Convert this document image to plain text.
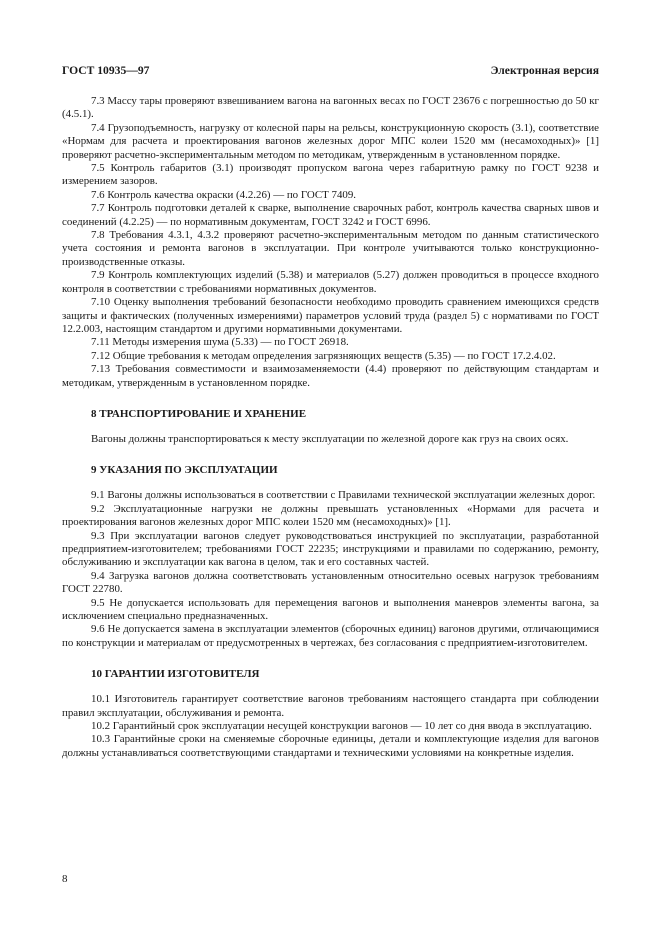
ГОСТ 10935—97	Электронная версия

7.3 Массу тары проверяют взвешиванием вагона на вагонных весах по ГОСТ 23676 с погрешностью до 50 кг (4.5.1).

7.4 Грузоподъемность, нагрузку от колесной пары на рельсы, конструкционную скорость (3.1), соответствие «Нормам для расчета и проектирования вагонов железных дорог МПС колеи 1520 мм (несамоходных)» [1] проверяют расчетно-экспериментальным методом по методикам, утвержденным в установленном порядке.

7.5 Контроль габаритов (3.1) производят пропуском вагона через габаритную рамку по ГОСТ 9238 и измерением зазоров.

7.6 Контроль качества окраски (4.2.26) — по ГОСТ 7409.

7.7 Контроль подготовки деталей к сварке, выполнение сварочных работ, контроль качества сварных швов и соединений (4.2.25) — по нормативным документам, ГОСТ 3242 и ГОСТ 6996.

7.8 Требования 4.3.1, 4.3.2 проверяют расчетно-экспериментальным методом по данным статистического учета состояния и ремонта вагонов в эксплуатации. При контроле учитываются только конструкционно-производственные отказы.

7.9 Контроль комплектующих изделий (5.38) и материалов (5.27) должен проводиться в процессе входного контроля в соответствии с требованиями нормативных документов.

7.10 Оценку выполнения требований безопасности необходимо проводить сравнением имеющихся средств защиты и фактических (полученных измерениями) параметров условий труда (раздел 5) с нормативами по ГОСТ 12.2.003, настоящим стандартом и другими нормативными документами.

7.11 Методы измерения шума (5.33) — по ГОСТ 26918.

7.12 Общие требования к методам определения загрязняющих веществ (5.35) — по ГОСТ 17.2.4.02.

7.13 Требования совместимости и взаимозаменяемости (4.4) проверяют по действующим стандартам и методикам, утвержденным в установленном порядке.

8 ТРАНСПОРТИРОВАНИЕ И ХРАНЕНИЕ

Вагоны должны транспортироваться к месту эксплуатации по железной дороге как груз на своих осях.

9 УКАЗАНИЯ ПО ЭКСПЛУАТАЦИИ

9.1 Вагоны должны использоваться в соответствии с Правилами технической эксплуатации железных дорог.

9.2 Эксплуатационные нагрузки не должны превышать установленных «Нормами для расчета и проектирования вагонов железных дорог МПС колеи 1520 мм (несамоходных)» [1].

9.3 При эксплуатации вагонов следует руководствоваться инструкцией по эксплуатации, разработанной предприятием-изготовителем; требованиями ГОСТ 22235; инструкциями и правилами по содержанию, ремонту, обслуживанию и эксплуатации как вагона в целом, так и его составных частей.

9.4 Загрузка вагонов должна соответствовать установленным относительно осевых нагрузок требованиям ГОСТ 22780.

9.5 Не допускается использовать для перемещения вагонов и выполнения маневров элементы вагона, за исключением специально предназначенных.

9.6 Не допускается замена в эксплуатации элементов (сборочных единиц) вагонов другими, отличающимися по конструкции и материалам от предусмотренных в чертежах, без согласования с предприятием-изготовителем.

10 ГАРАНТИИ ИЗГОТОВИТЕЛЯ

10.1 Изготовитель гарантирует соответствие вагонов требованиям настоящего стандарта при соблюдении правил эксплуатации, обслуживания и ремонта.

10.2 Гарантийный срок эксплуатации несущей конструкции вагонов — 10 лет со дня ввода в эксплуатацию.

10.3 Гарантийные сроки на сменяемые сборочные единицы, детали и комплектующие изделия для вагонов должны устанавливаться соответствующими стандартами и техническими условиями на конкретные изделия.

8
